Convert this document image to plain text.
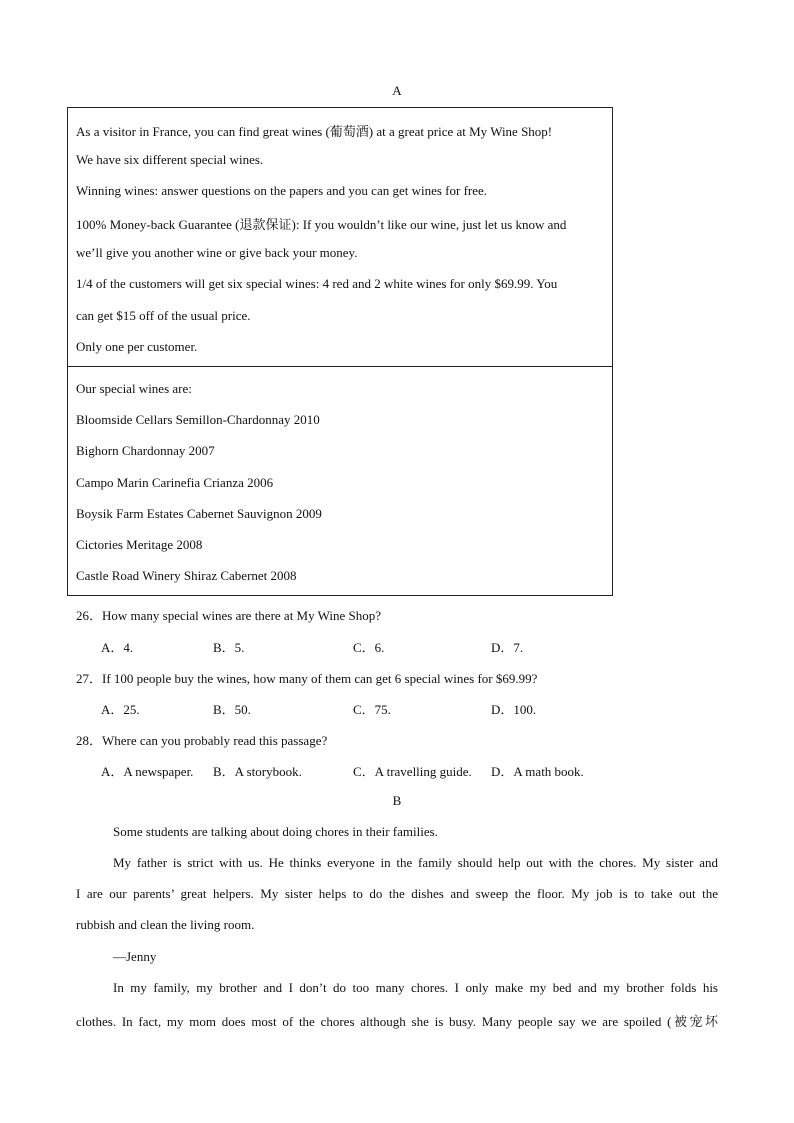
A
As a visitor in France, you can find great wines (葡萄酒) at a great price at My Wine Shop!
We have six different special wines.
Winning wines: answer questions on the papers and you can get wines for free.
100% Money-back Guarantee (退款保证): If you wouldn’t like our wine, just let us know and
we’ll give you another wine or give back your money.
1/4 of the customers will get six special wines: 4 red and 2 white wines for only $69.99. You
can get $15 off of the usual price.
Only one per customer.
Our special wines are:
Bloomside Cellars Semillon-Chardonnay 2010
Bighorn Chardonnay 2007
Campo Marin Carinefia Crianza 2006
Boysik Farm Estates Cabernet Sauvignon 2009
Cictories Meritage 2008
Castle Road Winery Shiraz Cabernet 2008
26．How many special wines are there at My Wine Shop?
A．4.	B．5.	C．6.	D．7.
27．If 100 people buy the wines, how many of them can get 6 special wines for $69.99?
A．25.	B．50.	C．75.	D．100.
28．Where can you probably read this passage?
A．A newspaper. B．A storybook.	C．A travelling guide. D．A math book.
B
Some students are talking about doing chores in their families.
My father is strict with us. He thinks everyone in the family should help out with the chores. My sister and
I are our parents’ great helpers. My sister helps to do the dishes and sweep the floor. My job is to take out the
rubbish and clean the living room.
—Jenny
In my family, my brother and I don’t do too many chores. I only make my bed and my brother folds his
clothes. In fact, my mom does most of the chores although she is busy. Many people say we are spoiled (被宠坏
